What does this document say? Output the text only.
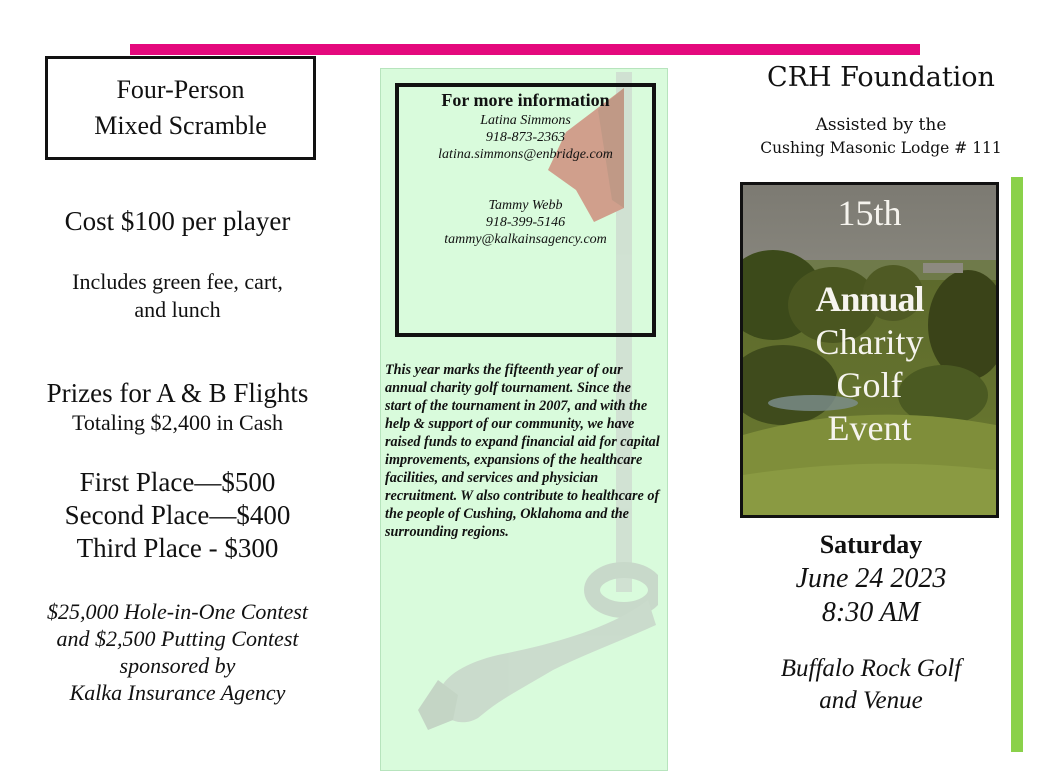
Four-Person
Mixed Scramble
Cost $100 per player
Includes green fee, cart,
and lunch
Prizes for A & B Flights
Totaling $2,400 in Cash
First Place—$500
Second Place—$400
Third Place - $300
$25,000 Hole-in-One Contest
and $2,500 Putting Contest
sponsored by
Kalka Insurance Agency
For more information
Latina Simmons
918-873-2363
latina.simmons@enbridge.com
Tammy Webb
918-399-5146
tammy@kalkainsagency.com
This year marks the fifteenth year of our annual charity golf tournament. Since the start of the tournament in 2007, and with the help & support of our community, we have raised funds to expand financial aid for capital improvements, expansions of the healthcare facilities, and services and physician recruitment. W also contribute to healthcare of the people of Cushing, Oklahoma and the surrounding regions.
CRH Foundation
Assisted by the
Cushing Masonic Lodge # 111
15th
Annual
Charity
Golf
Event
Saturday
June 24 2023
8:30 AM
Buffalo Rock Golf
and Venue
